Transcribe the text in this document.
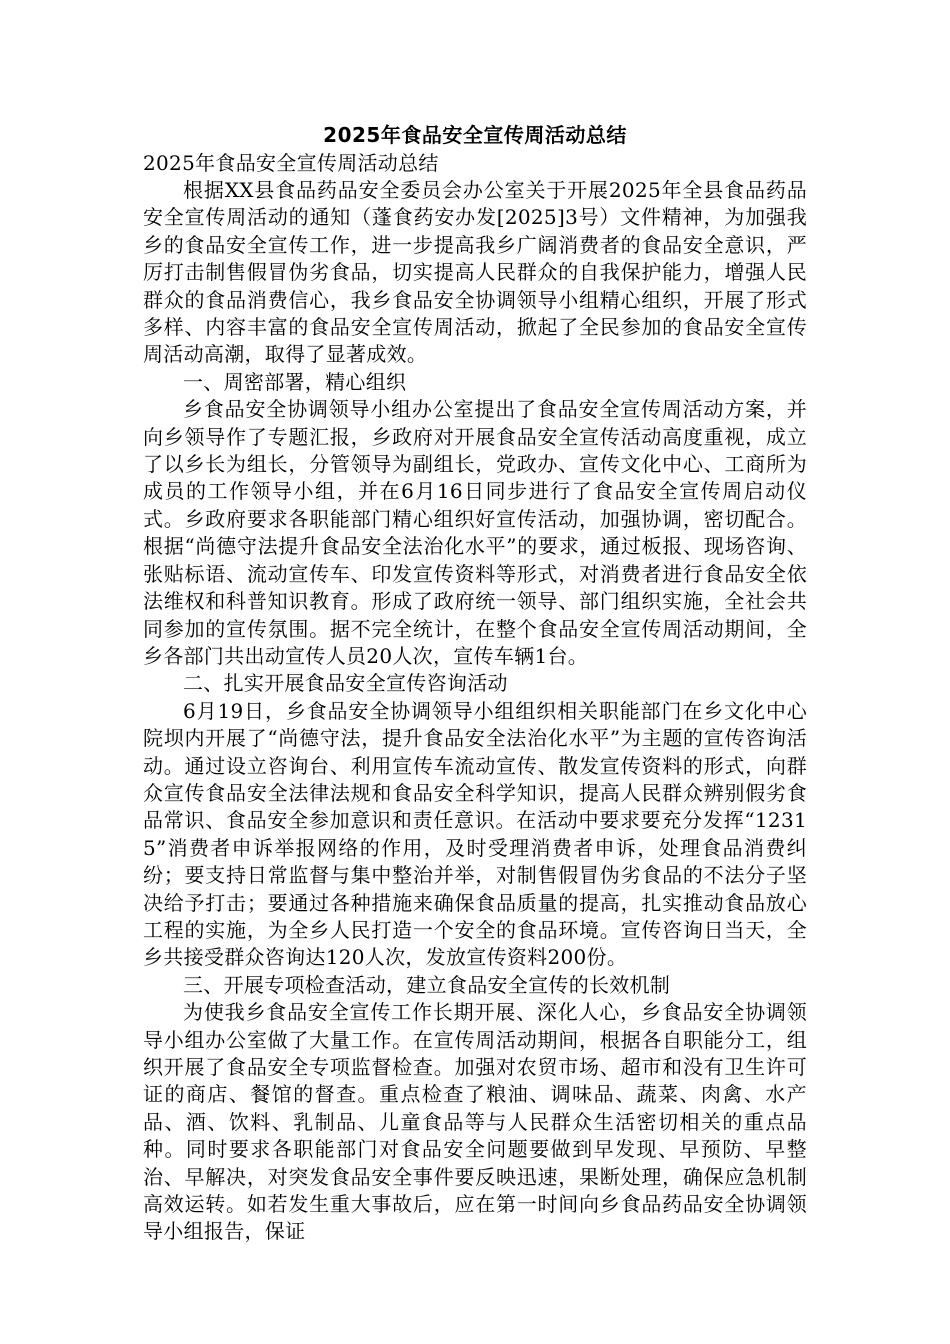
2025年食品安全宣传周活动总结

2025年食品安全宣传周活动总结

根据XX县食品药品安全委员会办公室关于开展2025年全县食品药品安全宣传周活动的通知（蓬食药安办发[2025]3号）文件精神，为加强我乡的食品安全宣传工作，进一步提高我乡广阔消费者的食品安全意识，严厉打击制售假冒伪劣食品，切实提高人民群众的自我保护能力，增强人民群众的食品消费信心，我乡食品安全协调领导小组精心组织，开展了形式多样、内容丰富的食品安全宣传周活动，掀起了全民参加的食品安全宣传周活动高潮，取得了显著成效。

一、周密部署，精心组织

乡食品安全协调领导小组办公室提出了食品安全宣传周活动方案，并向乡领导作了专题汇报，乡政府对开展食品安全宣传活动高度重视，成立了以乡长为组长，分管领导为副组长，党政办、宣传文化中心、工商所为成员的工作领导小组，并在6月16日同步进行了食品安全宣传周启动仪式。乡政府要求各职能部门精心组织好宣传活动，加强协调，密切配合。根据“尚德守法提升食品安全法治化水平”的要求，通过板报、现场咨询、张贴标语、流动宣传车、印发宣传资料等形式，对消费者进行食品安全依法维权和科普知识教育。形成了政府统一领导、部门组织实施，全社会共同参加的宣传氛围。据不完全统计，在整个食品安全宣传周活动期间，全乡各部门共出动宣传人员20人次，宣传车辆1台。

二、扎实开展食品安全宣传咨询活动

6月19日，乡食品安全协调领导小组组织相关职能部门在乡文化中心院坝内开展了“尚德守法，提升食品安全法治化水平”为主题的宣传咨询活动。通过设立咨询台、利用宣传车流动宣传、散发宣传资料的形式，向群众宣传食品安全法律法规和食品安全科学知识，提高人民群众辨别假劣食品常识、食品安全参加意识和责任意识。在活动中要求要充分发挥“12315”消费者申诉举报网络的作用，及时受理消费者申诉，处理食品消费纠纷；要支持日常监督与集中整治并举，对制售假冒伪劣食品的不法分子坚决给予打击；要通过各种措施来确保食品质量的提高，扎实推动食品放心工程的实施，为全乡人民打造一个安全的食品环境。宣传咨询日当天，全乡共接受群众咨询达120人次，发放宣传资料200份。

三、开展专项检查活动，建立食品安全宣传的长效机制

为使我乡食品安全宣传工作长期开展、深化人心，乡食品安全协调领导小组办公室做了大量工作。在宣传周活动期间，根据各自职能分工，组织开展了食品安全专项监督检查。加强对农贸市场、超市和没有卫生许可证的商店、餐馆的督查。重点检查了粮油、调味品、蔬菜、肉禽、水产品、酒、饮料、乳制品、儿童食品等与人民群众生活密切相关的重点品种。同时要求各职能部门对食品安全问题要做到早发现、早预防、早整治、早解决，对突发食品安全事件要反映迅速，果断处理，确保应急机制高效运转。如若发生重大事故后，应在第一时间向乡食品药品安全协调领导小组报告，保证
